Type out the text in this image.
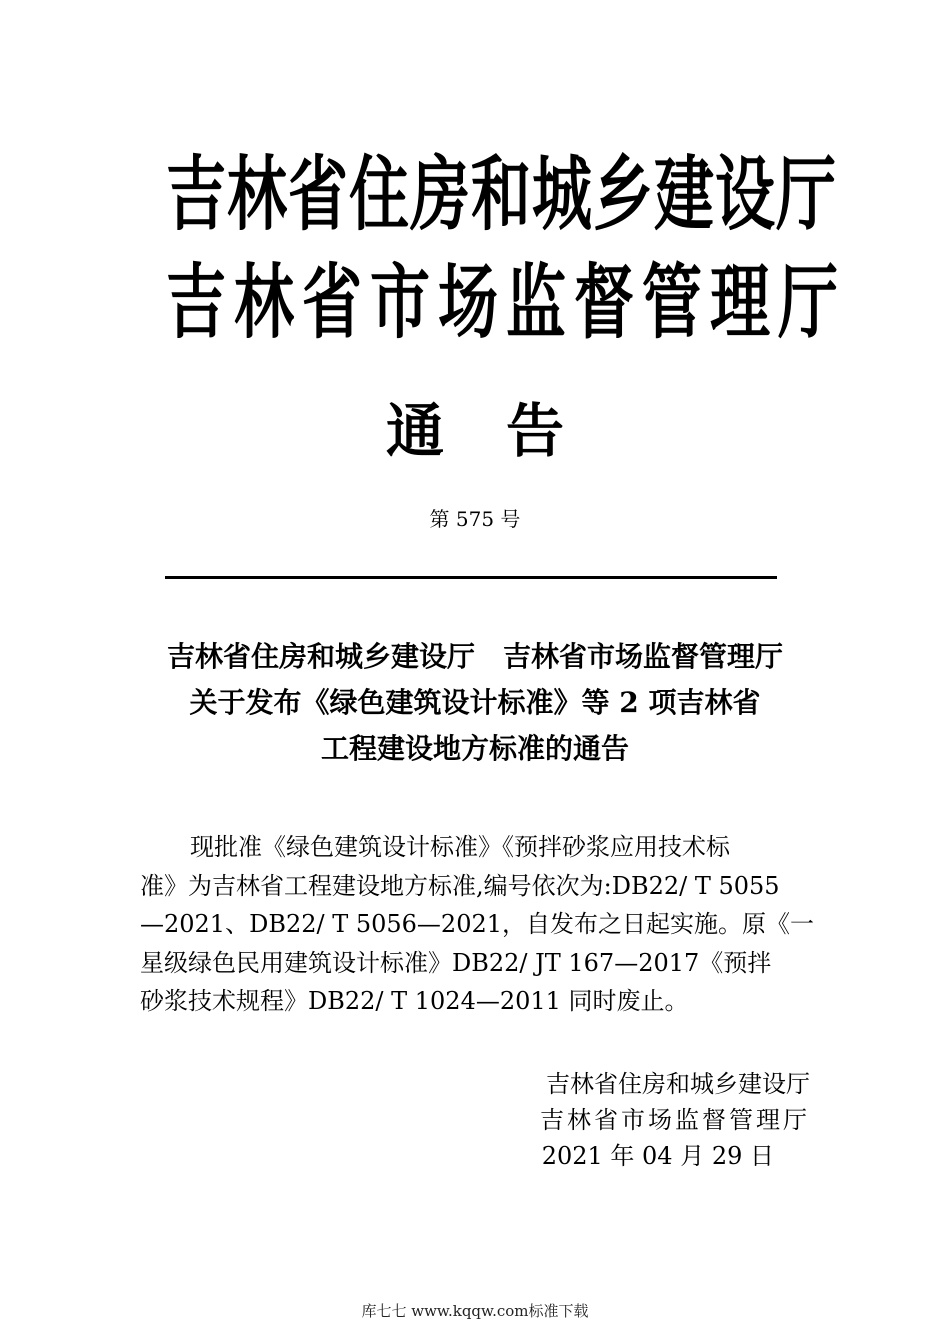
吉林省住房和城乡建设厅
吉林省市场监督管理厅
通告
第 575 号
吉林省住房和城乡建设厅　吉林省市场监督管理厅
关于发布《绿色建筑设计标准》等 2 项吉林省
工程建设地方标准的通告
现批准《绿色建筑设计标准》《预拌砂浆应用技术标
准》为吉林省工程建设地方标准,编号依次为:DB22/ T 5055
—2021、DB22/ T 5056—2021，自发布之日起实施。原《一
星级绿色民用建筑设计标准》DB22/ JT 167—2017《预拌
砂浆技术规程》DB22/ T 1024—2011 同时废止。
吉林省住房和城乡建设厅
吉林省市场监督管理厅
2021 年 04 月 29 日
库七七 www.kqqw.com标准下载
